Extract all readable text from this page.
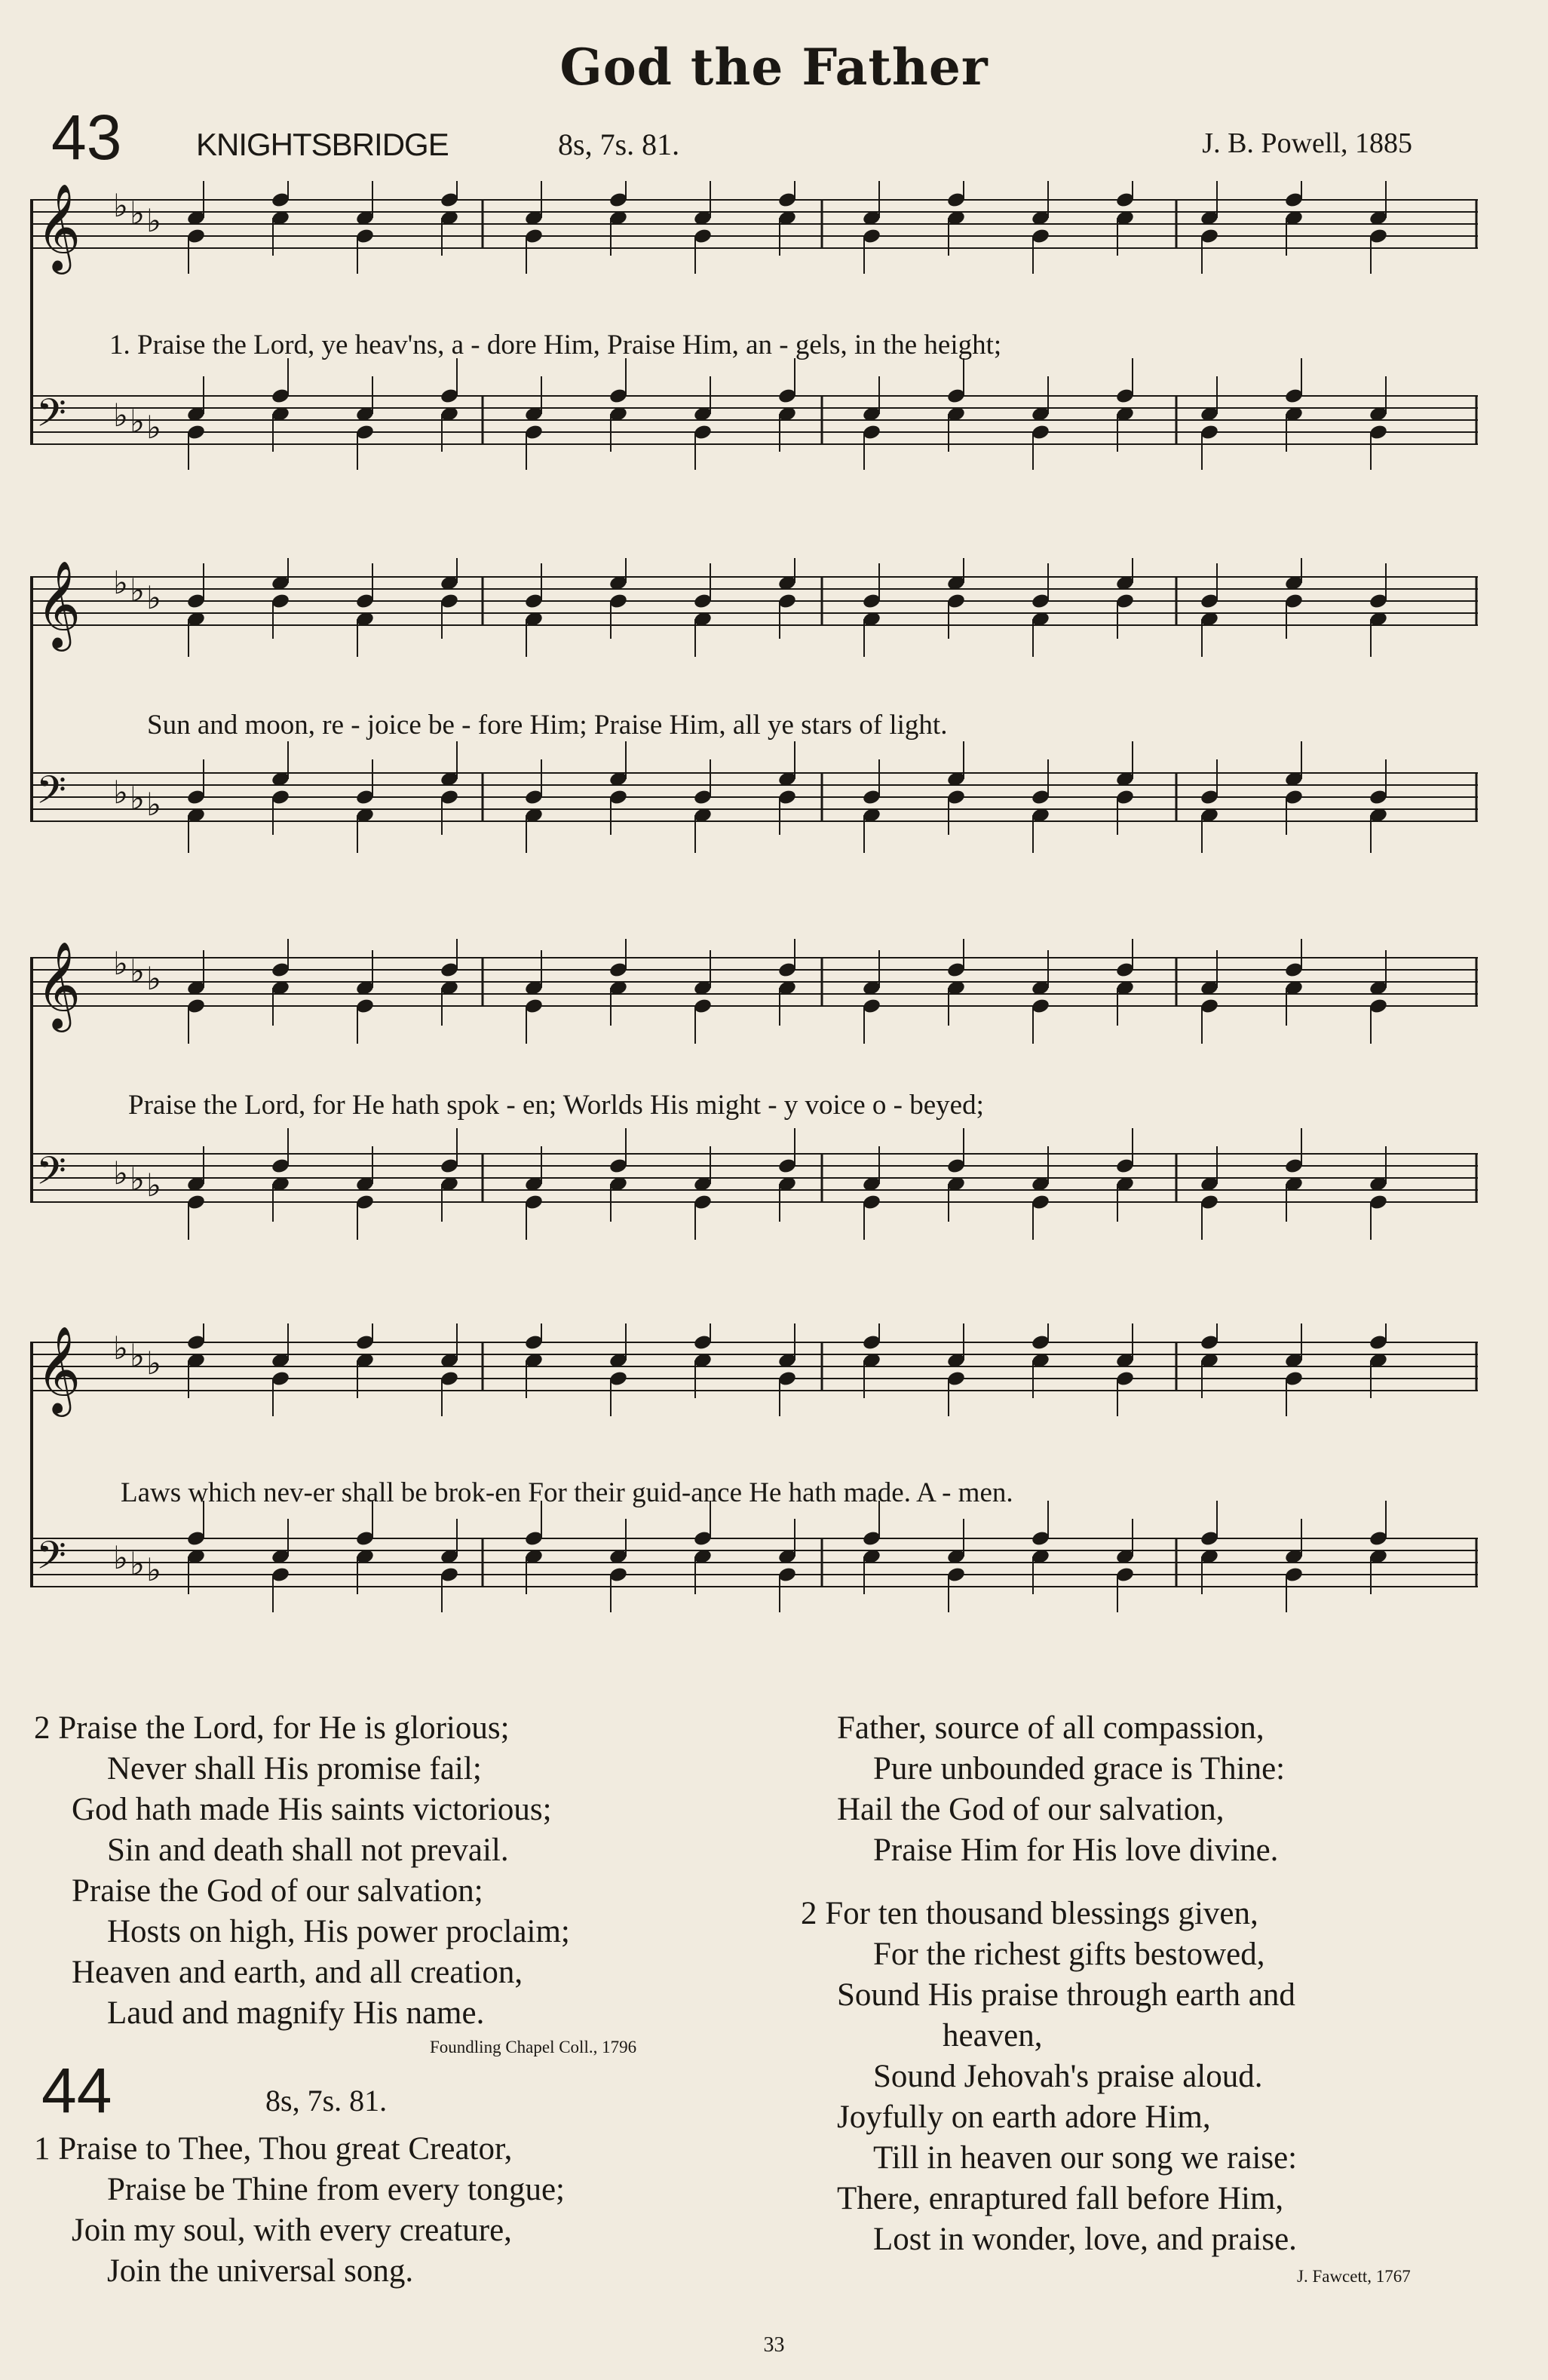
God the Father
43 KNIGHTSBRIDGE	8s, 7s. 81.	J. B. Powell, 1885
𝄞 ♭ ♭ ♭
𝄢 ♭ ♭ ♭
1. Praise the Lord, ye heav'ns, a - dore Him, Praise Him, an - gels, in the height;
𝄞 ♭ ♭ ♭
𝄢 ♭ ♭ ♭
Sun and moon, re - joice be - fore Him; Praise Him, all ye stars of light.
𝄞 ♭ ♭ ♭
𝄢 ♭ ♭ ♭
Praise the Lord, for He hath spok - en; Worlds His might - y voice o - beyed;
𝄞 ♭ ♭ ♭
𝄢 ♭ ♭ ♭
Laws which nev-er shall be brok-en For their guid-ance He hath made. A - men.
2 Praise the Lord, for He is glorious;
Never shall His promise fail;
God hath made His saints victorious;
Sin and death shall not prevail.
Praise the God of our salvation;
Hosts on high, His power proclaim;
Heaven and earth, and all creation,
Laud and magnify His name.
Foundling Chapel Coll., 1796
44	8s, 7s. 81.
1 Praise to Thee, Thou great Creator,
Praise be Thine from every tongue;
Join my soul, with every creature,
Join the universal song.
Father, source of all compassion,
Pure unbounded grace is Thine:
Hail the God of our salvation,
Praise Him for His love divine.
2 For ten thousand blessings given,
For the richest gifts bestowed,
Sound His praise through earth and
heaven,
Sound Jehovah's praise aloud.
Joyfully on earth adore Him,
Till in heaven our song we raise:
There, enraptured fall before Him,
Lost in wonder, love, and praise.
J. Fawcett, 1767
33
